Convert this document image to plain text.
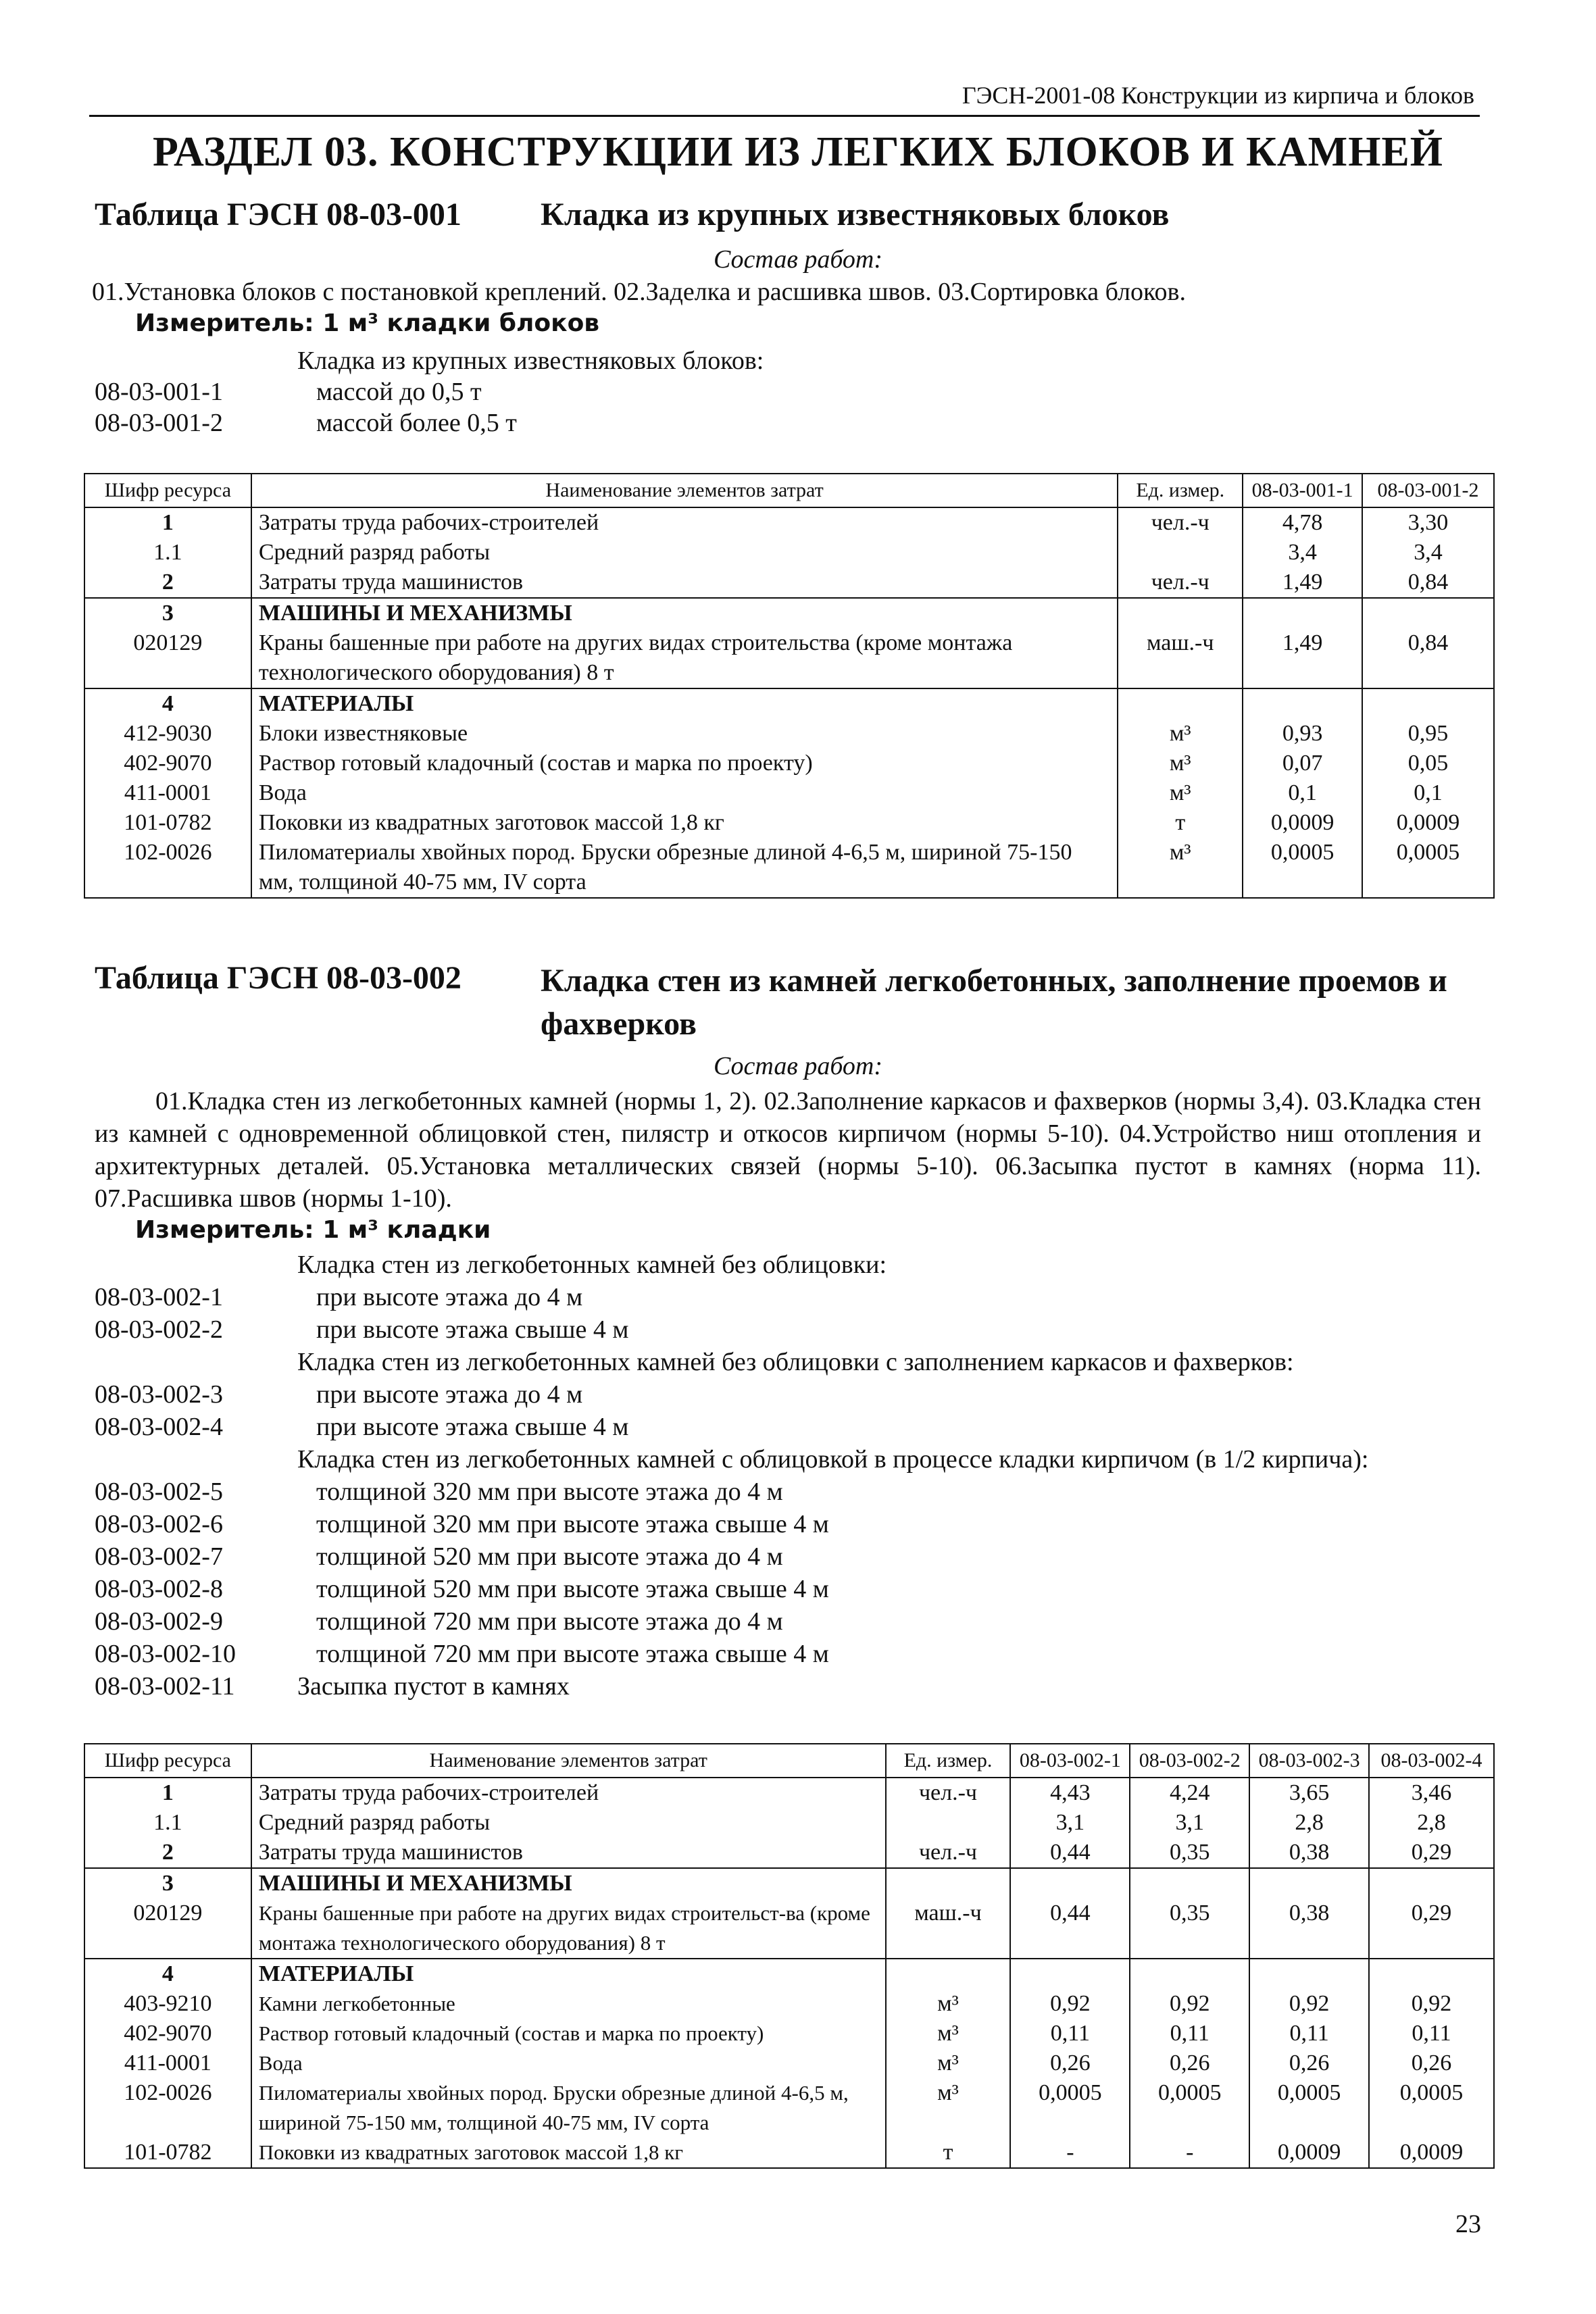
ГЭСН-2001-08 Конструкции из кирпича и блоков
РАЗДЕЛ 03. КОНСТРУКЦИИ ИЗ ЛЕГКИХ БЛОКОВ И КАМНЕЙ
Таблица ГЭСН 08-03-001 Кладка из крупных известняковых блоков
Состав работ:
01.Установка блоков с постановкой креплений. 02.Заделка и расшивка швов. 03.Сортировка блоков.
Измеритель: 1 м³ кладки блоков
Кладка из крупных известняковых блоков:
08-03-001-1	массой до 0,5 т
08-03-001-2	массой более 0,5 т
Шифр ресурса	Наименование элементов затрат	Ед. измер.	08-03-001-1	08-03-001-2
1	Затраты труда рабочих-строителей	чел.-ч	4,78	3,30
1.1	Средний разряд работы		3,4	3,4
2	Затраты труда машинистов	чел.-ч	1,49	0,84
3	МАШИНЫ И МЕХАНИЗМЫ			
020129	Краны башенные при работе на других видах строительства (кроме монтажа технологического оборудования) 8 т	маш.-ч	1,49	0,84
4	МАТЕРИАЛЫ			
412-9030	Блоки известняковые	м³	0,93	0,95
402-9070	Раствор готовый кладочный (состав и марка по проекту)	м³	0,07	0,05
411-0001	Вода	м³	0,1	0,1
101-0782	Поковки из квадратных заготовок массой 1,8 кг	т	0,0009	0,0009
102-0026	Пиломатериалы хвойных пород. Бруски обрезные длиной 4-6,5 м, шириной 75-150 мм, толщиной 40-75 мм, IV сорта	м³	0,0005	0,0005
Таблица ГЭСН 08-03-002 Кладка стен из камней легкобетонных, заполнение проемов и фахверков
Состав работ:
01.Кладка стен из легкобетонных камней (нормы 1, 2). 02.Заполнение каркасов и фахверков (нормы 3,4). 03.Кладка стен из камней с одновременной облицовкой стен, пилястр и откосов кирпичом (нормы 5-10). 04.Устройство ниш отопления и архитектурных деталей. 05.Установка металлических связей (нормы 5-10). 06.Засыпка пустот в камнях (норма 11). 07.Расшивка швов (нормы 1-10).
Измеритель: 1 м³ кладки
Кладка стен из легкобетонных камней без облицовки:
08-03-002-1	при высоте этажа до 4 м
08-03-002-2	при высоте этажа свыше 4 м
Кладка стен из легкобетонных камней без облицовки с заполнением каркасов и фахверков:
08-03-002-3	при высоте этажа до 4 м
08-03-002-4	при высоте этажа свыше 4 м
Кладка стен из легкобетонных камней с облицовкой в процессе кладки кирпичом (в 1/2 кирпича):
08-03-002-5	толщиной 320 мм при высоте этажа до 4 м
08-03-002-6	толщиной 320 мм при высоте этажа свыше 4 м
08-03-002-7	толщиной 520 мм при высоте этажа до 4 м
08-03-002-8	толщиной 520 мм при высоте этажа свыше 4 м
08-03-002-9	толщиной 720 мм при высоте этажа до 4 м
08-03-002-10	толщиной 720 мм при высоте этажа свыше 4 м
08-03-002-11 Засыпка пустот в камнях
Шифр ресурса	Наименование элементов затрат	Ед. измер.	08-03-002-1	08-03-002-2	08-03-002-3	08-03-002-4
1	Затраты труда рабочих-строителей	чел.-ч	4,43	4,24	3,65	3,46
1.1	Средний разряд работы		3,1	3,1	2,8	2,8
2	Затраты труда машинистов	чел.-ч	0,44	0,35	0,38	0,29
3	МАШИНЫ И МЕХАНИЗМЫ					
020129	Краны башенные при работе на других видах строительст-ва (кроме монтажа технологического оборудования) 8 т	маш.-ч	0,44	0,35	0,38	0,29
4	МАТЕРИАЛЫ					
403-9210	Камни легкобетонные	м³	0,92	0,92	0,92	0,92
402-9070	Раствор готовый кладочный (состав и марка по проекту)	м³	0,11	0,11	0,11	0,11
411-0001	Вода	м³	0,26	0,26	0,26	0,26
102-0026	Пиломатериалы хвойных пород. Бруски обрезные длиной 4-6,5 м, шириной 75-150 мм, толщиной 40-75 мм, IV сорта	м³	0,0005	0,0005	0,0005	0,0005
101-0782	Поковки из квадратных заготовок массой 1,8 кг	т	-	-	0,0009	0,0009
23
